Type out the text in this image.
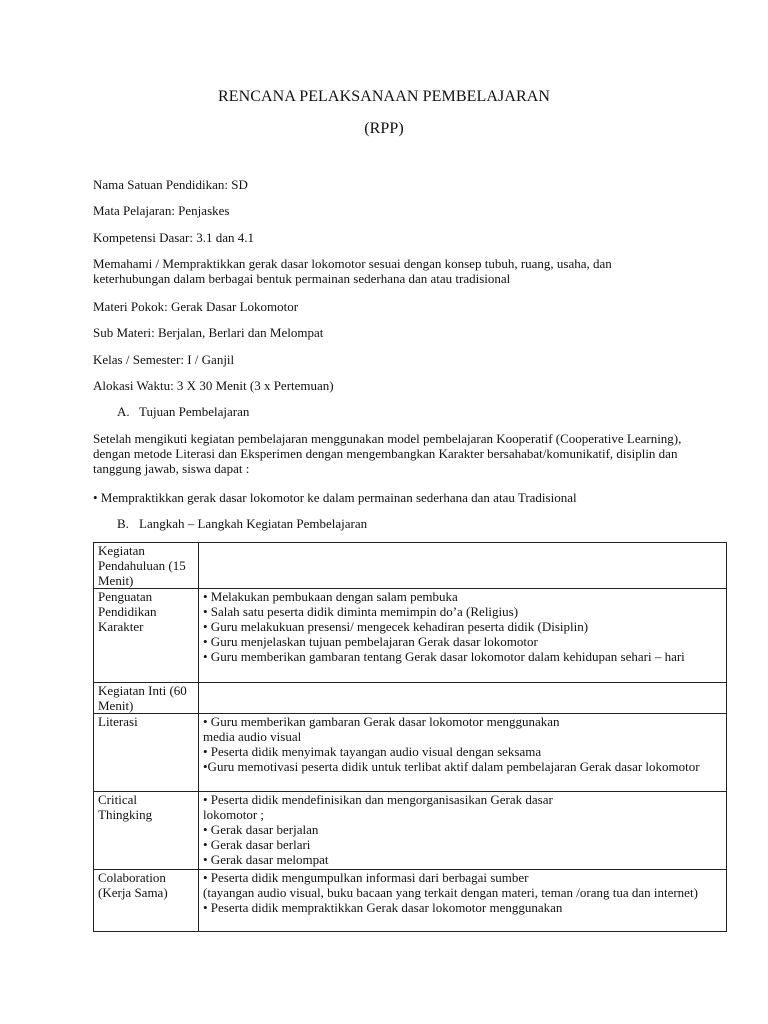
RENCANA PELAKSANAAN PEMBELAJARAN
(RPP)
Nama Satuan Pendidikan: SD
Mata Pelajaran: Penjaskes
Kompetensi Dasar: 3.1 dan 4.1
Memahami / Mempraktikkan gerak dasar lokomotor sesuai dengan konsep tubuh, ruang, usaha, dan keterhubungan dalam berbagai bentuk permainan sederhana dan atau tradisional
Materi Pokok: Gerak Dasar Lokomotor
Sub Materi: Berjalan, Berlari dan Melompat
Kelas / Semester: I / Ganjil
Alokasi Waktu: 3 X 30 Menit (3 x Pertemuan)
A. Tujuan Pembelajaran
Setelah mengikuti kegiatan pembelajaran menggunakan model pembelajaran Kooperatif (Cooperative Learning), dengan metode Literasi dan Eksperimen dengan mengembangkan Karakter bersahabat/komunikatif, disiplin dan tanggung jawab, siswa dapat :
• Mempraktikkan gerak dasar lokomotor ke dalam permainan sederhana dan atau Tradisional
B. Langkah – Langkah Kegiatan Pembelajaran
Kegiatan Pendahuluan (15 Menit)	
Penguatan Pendidikan Karakter	• Melakukan pembukaan dengan salam pembuka
• Salah satu peserta didik diminta memimpin do’a (Religius)
• Guru melakukuan presensi/ mengecek kehadiran peserta didik (Disiplin)
• Guru menjelaskan tujuan pembelajaran Gerak dasar lokomotor
• Guru memberikan gambaran tentang Gerak dasar lokomotor dalam kehidupan sehari – hari

Kegiatan Inti (60 Menit)	
Literasi	• Guru memberikan gambaran Gerak dasar lokomotor menggunakan
media audio visual
• Peserta didik menyimak tayangan audio visual dengan seksama
•Guru memotivasi peserta didik untuk terlibat aktif dalam pembelajaran Gerak dasar lokomotor

Critical Thingking	• Peserta didik mendefinisikan dan mengorganisasikan Gerak dasar
lokomotor ;
• Gerak dasar berjalan
• Gerak dasar berlari
• Gerak dasar melompat

Colaboration (Kerja Sama)	• Peserta didik mengumpulkan informasi dari berbagai sumber
(tayangan audio visual, buku bacaan yang terkait dengan materi, teman /orang tua dan internet)
• Peserta didik mempraktikkan Gerak dasar lokomotor menggunakan
